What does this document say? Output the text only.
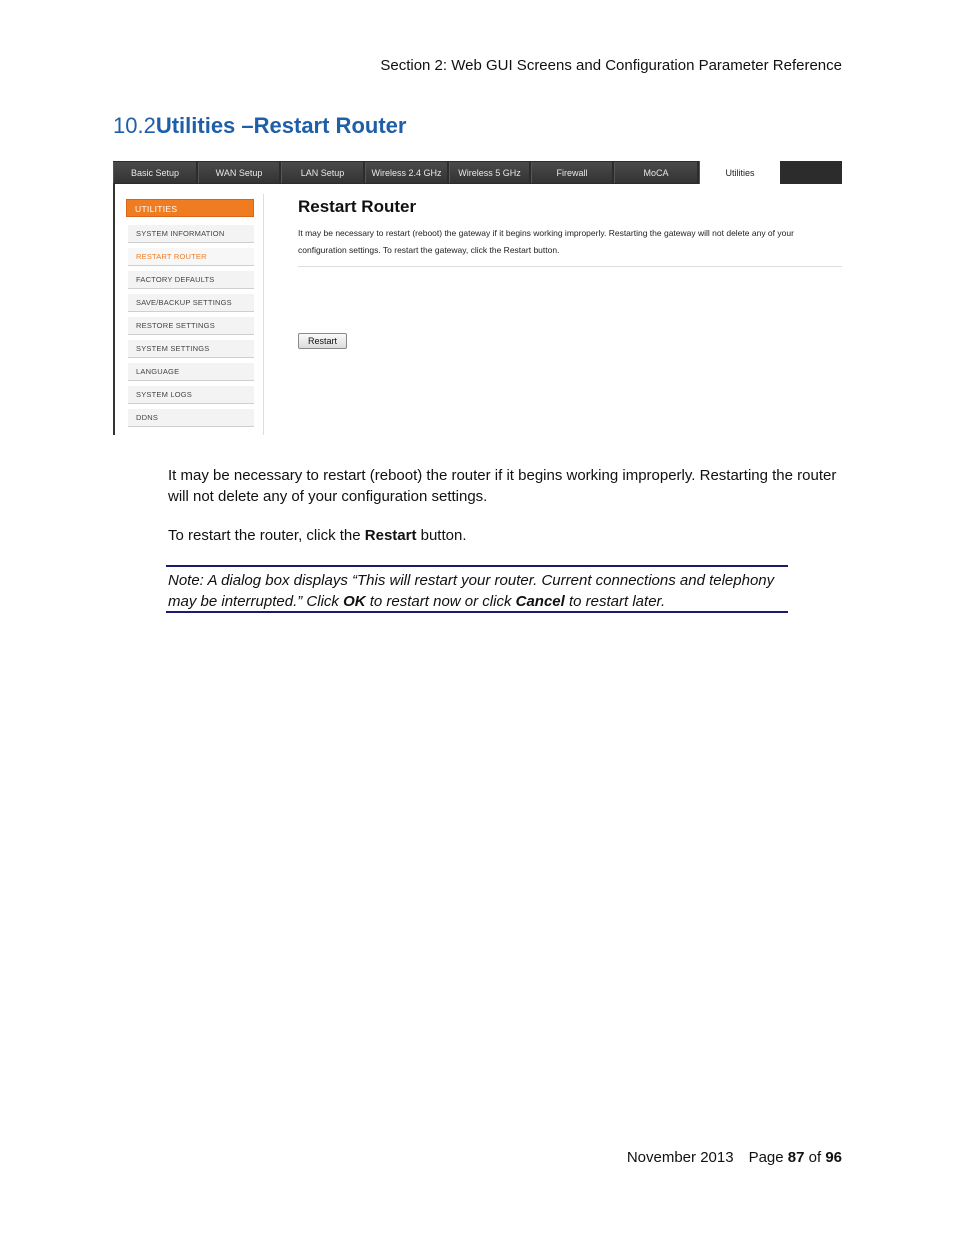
Section 2: Web GUI Screens and Configuration Parameter Reference
10.2Utilities –Restart Router
Basic Setup	WAN Setup	LAN Setup	Wireless 2.4 GHz	Wireless 5 GHz	Firewall	MoCA	Utilities
UTILITIES
SYSTEM INFORMATION
RESTART ROUTER
FACTORY DEFAULTS
SAVE/BACKUP SETTINGS
RESTORE SETTINGS
SYSTEM SETTINGS
LANGUAGE
SYSTEM LOGS
DDNS
Restart Router
It may be necessary to restart (reboot) the gateway if it begins working improperly. Restarting the gateway will not delete any of your configuration settings. To restart the gateway, click the Restart button.
Restart
It may be necessary to restart (reboot) the router if it begins working improperly. Restarting the router will not delete any of your configuration settings.
To restart the router, click the Restart button.
Note: A dialog box displays “This will restart your router. Current connections and telephony may be interrupted.” Click OK to restart now or click Cancel to restart later.
November 2013 Page 87 of 96
